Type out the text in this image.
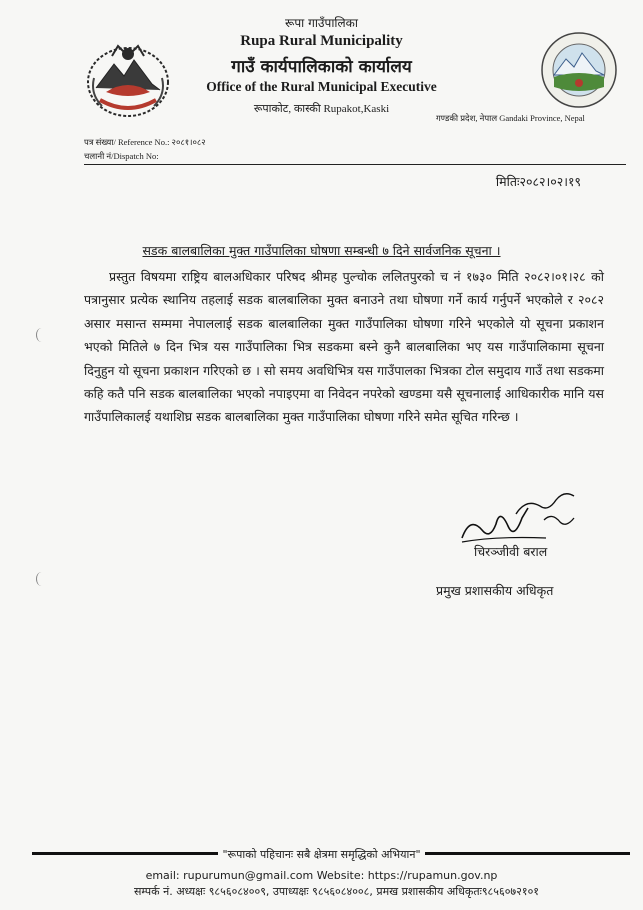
रूपा गाउँपालिका
Rupa Rural Municipality
गाउँ कार्यपालिकाको कार्यालय
Office of the Rural Municipal Executive
रूपाकोट, कास्की Rupakot,Kaski
गण्डकी प्रदेश, नेपाल Gandaki Province, Nepal
पत्र संख्या/ Reference No.: २०८१।०८२
चलानी नं/Dispatch No:
मितिः२०८२।०२।१९
सडक बालबालिका मुक्त गाउँपालिका घोषणा सम्बन्धी ७ दिने सार्वजनिक सूचना ।
प्रस्तुत विषयमा राष्ट्रिय बालअधिकार परिषद श्रीमह पुल्चोक ललितपुरको च नं १७३० मिति २०८२।०१।२८ को पत्रानुसार प्रत्येक स्थानिय तहलाई सडक बालबालिका मुक्त बनाउने तथा घोषणा गर्ने कार्य गर्नुपर्ने भएकोले र २०८२ असार मसान्त सम्ममा नेपाललाई सडक बालबालिका मुक्त गाउँपालिका घोषणा गरिने भएकोले यो सूचना प्रकाशन भएको मितिले ७ दिन भित्र यस गाउँपालिका भित्र सडकमा बस्ने कुनै बालबालिका भए यस गाउँपालिकामा सूचना दिनुहुन यो सूचना प्रकाशन गरिएको छ । सो समय अवधिभित्र यस गाउँपालका भित्रका टोल समुदाय गाउँ तथा सडकमा कहि कतै पनि सडक बालबालिका भएको नपाइएमा वा निवेदन नपरेको खण्डमा यसै सूचनालाई आधिकारीक मानि यस गाउँपालिकालई यथाशिघ्र सडक बालबालिका मुक्त गाउँपालिका घोषणा गरिने समेत सूचित गरिन्छ ।
चिरञ्जीवी बराल
प्रमुख प्रशासकीय अधिकृत
"रूपाको पहिचानः सबै क्षेत्रमा समृद्धिको अभियान"
email: rupurumun@gmail.com Website: https://rupamun.gov.np
सम्पर्क नं. अध्यक्षः ९८५६०८४००९, उपाध्यक्षः ९८५६०८४००८, प्रमख प्रशासकीय अधिकृतः९८५६०७२१०१
